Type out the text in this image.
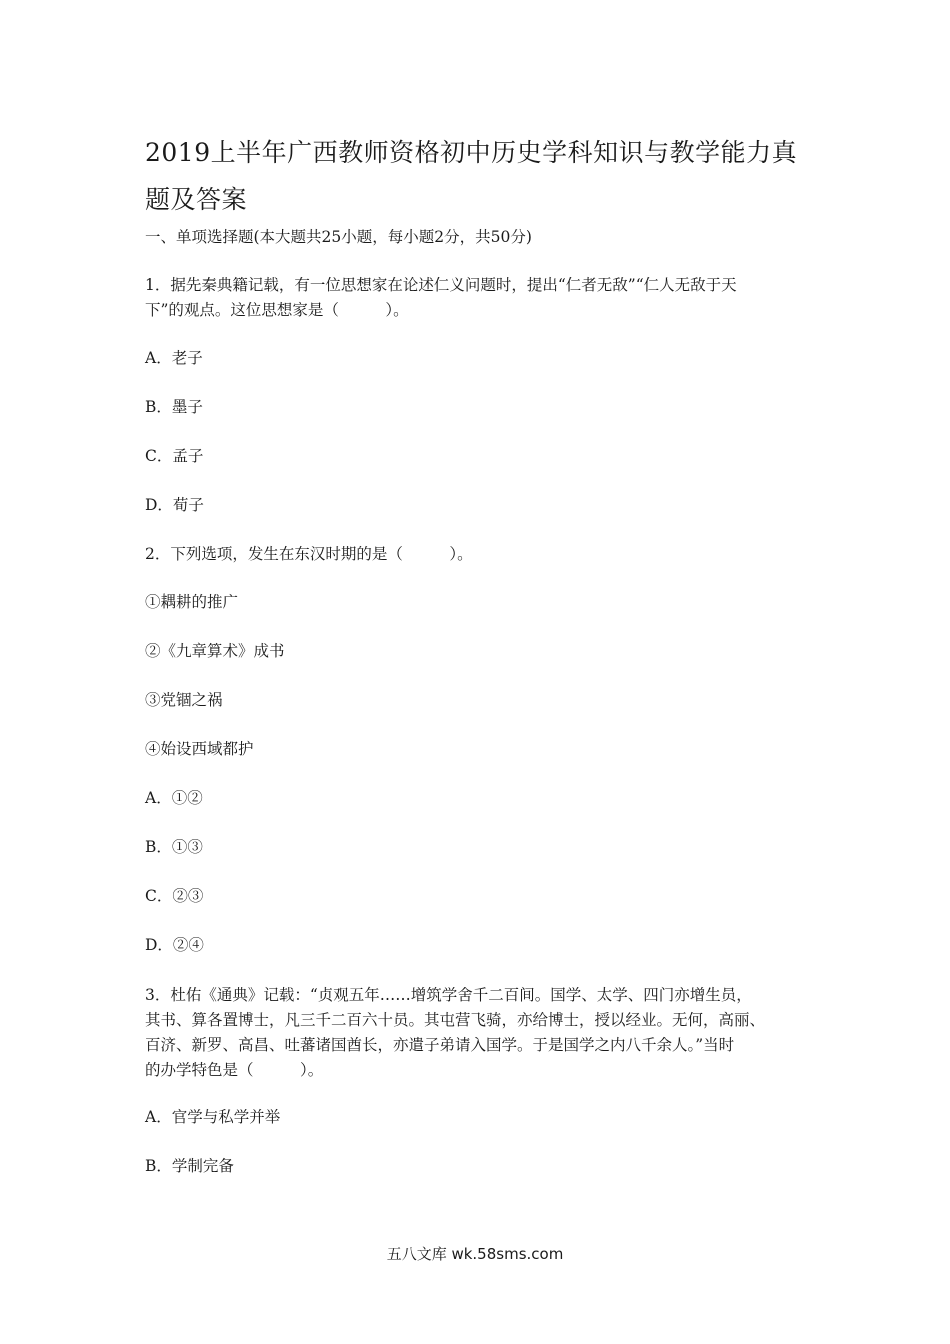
2019上半年广西教师资格初中历史学科知识与教学能力真
题及答案
一、单项选择题(本大题共25小题，每小题2分，共50分)
1．据先秦典籍记载，有一位思想家在论述仁义问题时，提出“仁者无敌”“仁人无敌于天
下”的观点。这位思想家是（　　　）。
A．老子
B．墨子
C．孟子
D．荀子
2．下列选项，发生在东汉时期的是（　　　）。
①耦耕的推广
②《九章算术》成书
③党锢之祸
④始设西域都护
A．①②
B．①③
C．②③
D．②④
3．杜佑《通典》记载：“贞观五年……增筑学舍千二百间。国学、太学、四门亦增生员，
其书、算各置博士，凡三千二百六十员。其屯营飞骑，亦给博士，授以经业。无何，高丽、
百济、新罗、高昌、吐蕃诸国酋长，亦遣子弟请入国学。于是国学之内八千余人。”当时
的办学特色是（　　　）。
A．官学与私学并举
B．学制完备
五八文库 wk.58sms.com
